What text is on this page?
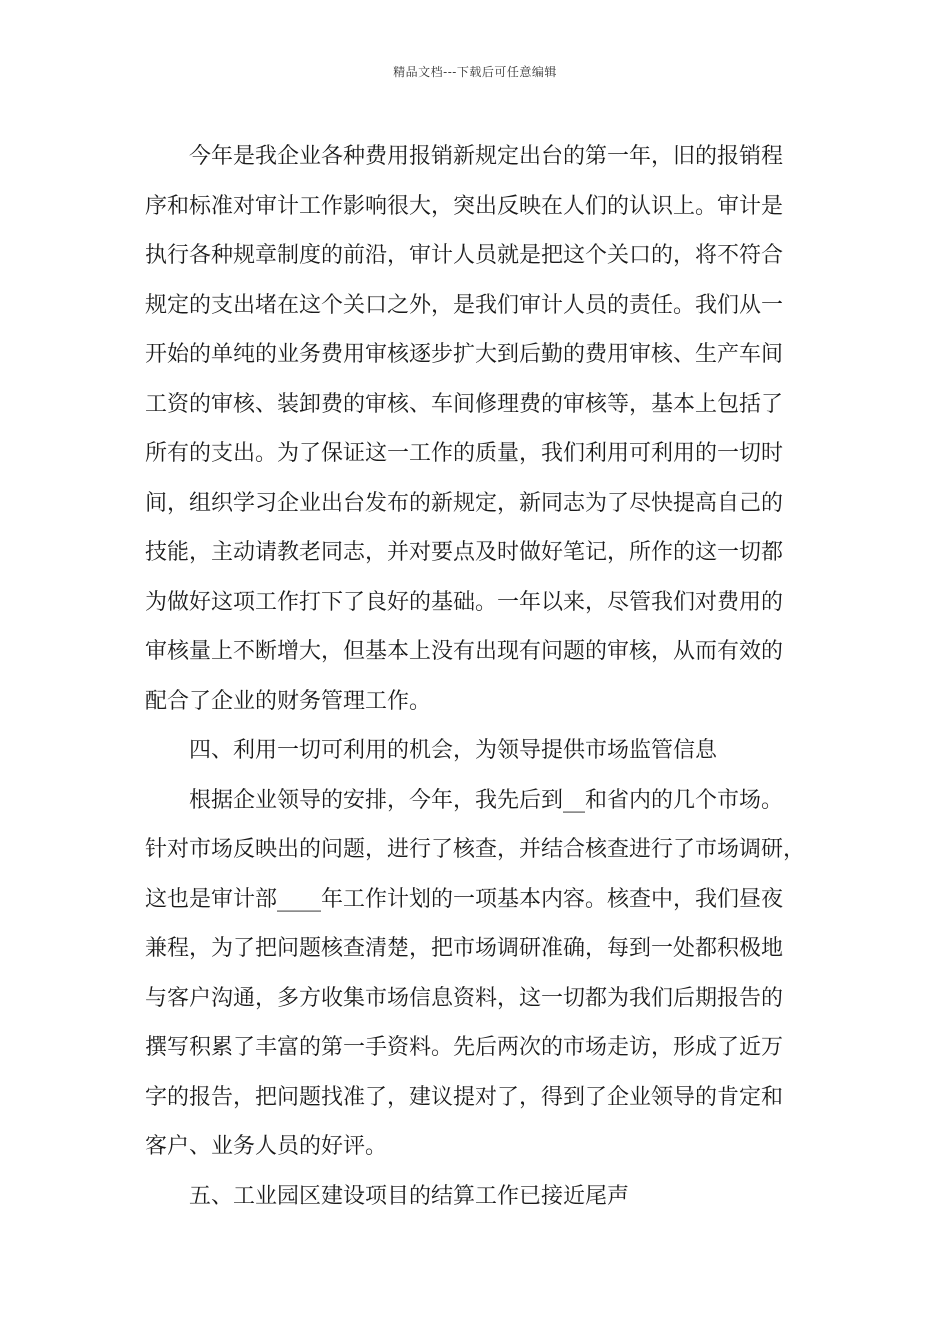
精品文档---下载后可任意编辑
今年是我企业各种费用报销新规定出台的第一年，旧的报销程
序和标准对审计工作影响很大，突出反映在人们的认识上。审计是
执行各种规章制度的前沿，审计人员就是把这个关口的，将不符合
规定的支出堵在这个关口之外，是我们审计人员的责任。我们从一
开始的单纯的业务费用审核逐步扩大到后勤的费用审核、生产车间
工资的审核、装卸费的审核、车间修理费的审核等，基本上包括了
所有的支出。为了保证这一工作的质量，我们利用可利用的一切时
间，组织学习企业出台发布的新规定，新同志为了尽快提高自己的
技能，主动请教老同志，并对要点及时做好笔记，所作的这一切都
为做好这项工作打下了良好的基础。一年以来，尽管我们对费用的
审核量上不断增大，但基本上没有出现有问题的审核，从而有效的
配合了企业的财务管理工作。
四、利用一切可利用的机会，为领导提供市场监管信息
根据企业领导的安排，今年，我先后到__和省内的几个市场。
针对市场反映出的问题，进行了核查，并结合核查进行了市场调研，
这也是审计部____年工作计划的一项基本内容。核查中，我们昼夜
兼程，为了把问题核查清楚，把市场调研准确，每到一处都积极地
与客户沟通，多方收集市场信息资料，这一切都为我们后期报告的
撰写积累了丰富的第一手资料。先后两次的市场走访，形成了近万
字的报告，把问题找准了，建议提对了，得到了企业领导的肯定和
客户、业务人员的好评。
五、工业园区建设项目的结算工作已接近尾声
